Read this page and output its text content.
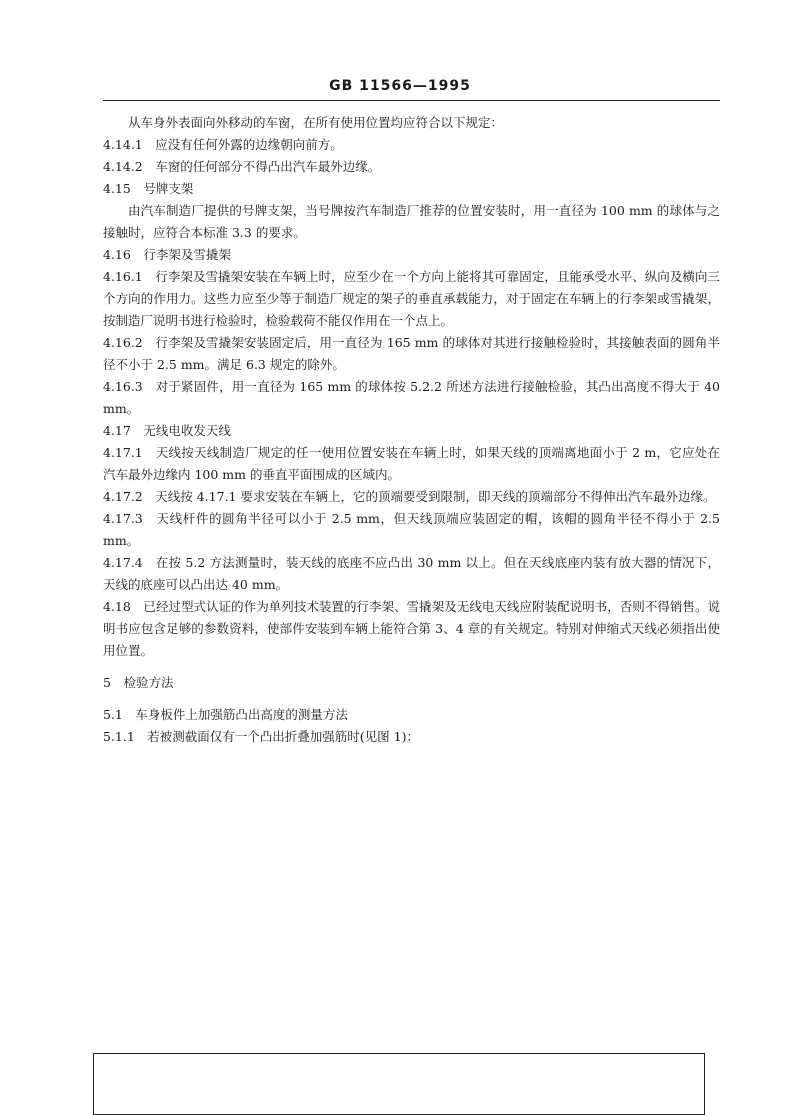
GB 11566—1995

从车身外表面向外移动的车窗，在所有使用位置均应符合以下规定：

4.14.1　应没有任何外露的边缘朝向前方。

4.14.2　车窗的任何部分不得凸出汽车最外边缘。

4.15　号牌支架

由汽车制造厂提供的号牌支架，当号牌按汽车制造厂推荐的位置安装时，用一直径为 100 mm 的球体与之接触时，应符合本标准 3.3 的要求。

4.16　行李架及雪撬架

4.16.1　行李架及雪撬架安装在车辆上时，应至少在一个方向上能将其可靠固定，且能承受水平、纵向及横向三个方向的作用力。这些力应至少等于制造厂规定的架子的垂直承载能力，对于固定在车辆上的行李架或雪撬架，按制造厂说明书进行检验时，检验载荷不能仅作用在一个点上。

4.16.2　行李架及雪撬架安装固定后，用一直径为 165 mm 的球体对其进行接触检验时，其接触表面的圆角半径不小于 2.5 mm。满足 6.3 规定的除外。

4.16.3　对于紧固件，用一直径为 165 mm 的球体按 5.2.2 所述方法进行接触检验，其凸出高度不得大于 40 mm。

4.17　无线电收发天线

4.17.1　天线按天线制造厂规定的任一使用位置安装在车辆上时，如果天线的顶端离地面小于 2 m，它应处在汽车最外边缘内 100 mm 的垂直平面围成的区域内。

4.17.2　天线按 4.17.1 要求安装在车辆上，它的顶端要受到限制，即天线的顶端部分不得伸出汽车最外边缘。

4.17.3　天线杆件的圆角半径可以小于 2.5 mm，但天线顶端应装固定的帽，该帽的圆角半径不得小于 2.5 mm。

4.17.4　在按 5.2 方法测量时，装天线的底座不应凸出 30 mm 以上。但在天线底座内装有放大器的情况下，天线的底座可以凸出达 40 mm。

4.18　已经过型式认证的作为单列技术装置的行李架、雪撬架及无线电天线应附装配说明书，否则不得销售。说明书应包含足够的参数资料，使部件安装到车辆上能符合第 3、4 章的有关规定。特别对伸缩式天线必须指出使用位置。

5　检验方法

5.1　车身板件上加强筋凸出高度的测量方法

5.1.1　若被测截面仅有一个凸出折叠加强筋时(见图 1)：
